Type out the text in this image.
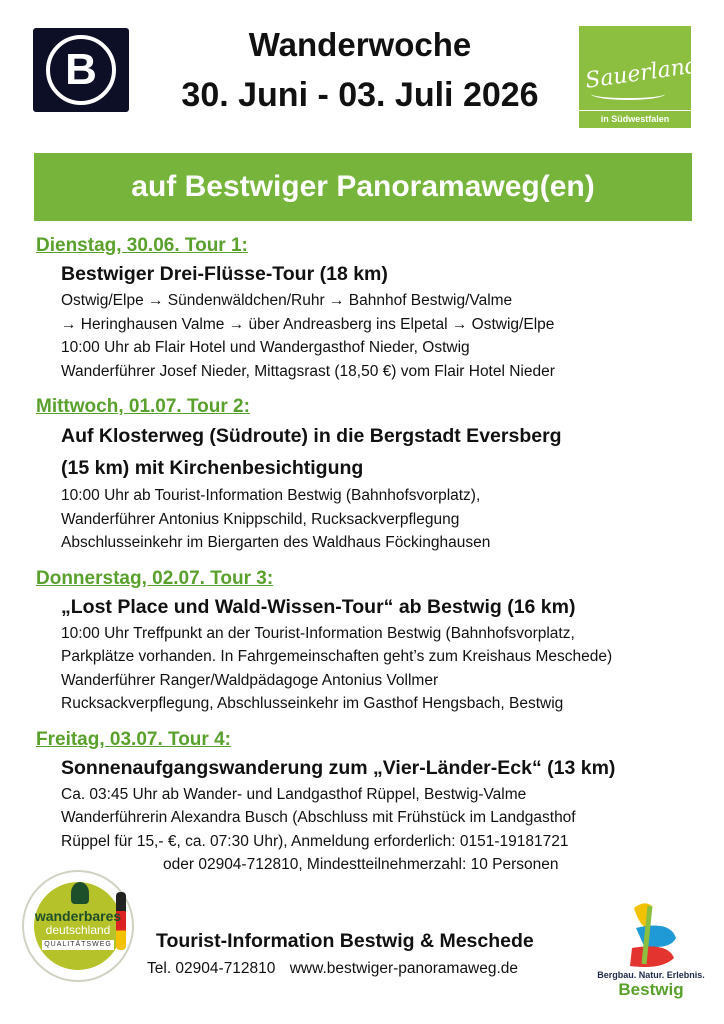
B
Wanderwoche
30. Juni - 03. Juli 2026
Sauerland
in Südwestfalen
auf Bestwiger Panoramaweg(en)
Dienstag, 30.06. Tour 1:
Bestwiger Drei-Flüsse-Tour (18 km)
Ostwig/Elpe → Sündenwäldchen/Ruhr → Bahnhof Bestwig/Valme
→ Heringhausen Valme → über Andreasberg ins Elpetal → Ostwig/Elpe
10:00 Uhr ab Flair Hotel und Wandergasthof Nieder, Ostwig
Wanderführer Josef Nieder, Mittagsrast (18,50 €) vom Flair Hotel Nieder
Mittwoch, 01.07. Tour 2:
Auf Klosterweg (Südroute) in die Bergstadt Eversberg
(15 km) mit Kirchenbesichtigung
10:00 Uhr ab Tourist-Information Bestwig (Bahnhofsvorplatz),
Wanderführer Antonius Knippschild, Rucksackverpflegung
Abschlusseinkehr im Biergarten des Waldhaus Föckinghausen
Donnerstag, 02.07. Tour 3:
„Lost Place und Wald-Wissen-Tour“ ab Bestwig (16 km)
10:00 Uhr Treffpunkt an der Tourist-Information Bestwig (Bahnhofsvorplatz,
Parkplätze vorhanden. In Fahrgemeinschaften geht’s zum Kreishaus Meschede)
Wanderführer Ranger/Waldpädagoge Antonius Vollmer
Rucksackverpflegung, Abschlusseinkehr im Gasthof Hengsbach, Bestwig
Freitag, 03.07. Tour 4:
Sonnenaufgangswanderung zum „Vier-Länder-Eck“ (13 km)
Ca. 03:45 Uhr ab Wander- und Landgasthof Rüppel, Bestwig-Valme
Wanderführerin Alexandra Busch (Abschluss mit Frühstück im Landgasthof
Rüppel für 15,- €, ca. 07:30 Uhr), Anmeldung erforderlich: 0151-19181721
oder 02904-712810, Mindestteilnehmerzahl: 10 Personen
wanderbares
deutschland
QUALITÄTSWEG Tourist-Information Bestwig & Meschede
Tel. 02904-712810 www.bestwiger-panoramaweg.de	Bergbau. Natur. Erlebnis.
Bestwig
